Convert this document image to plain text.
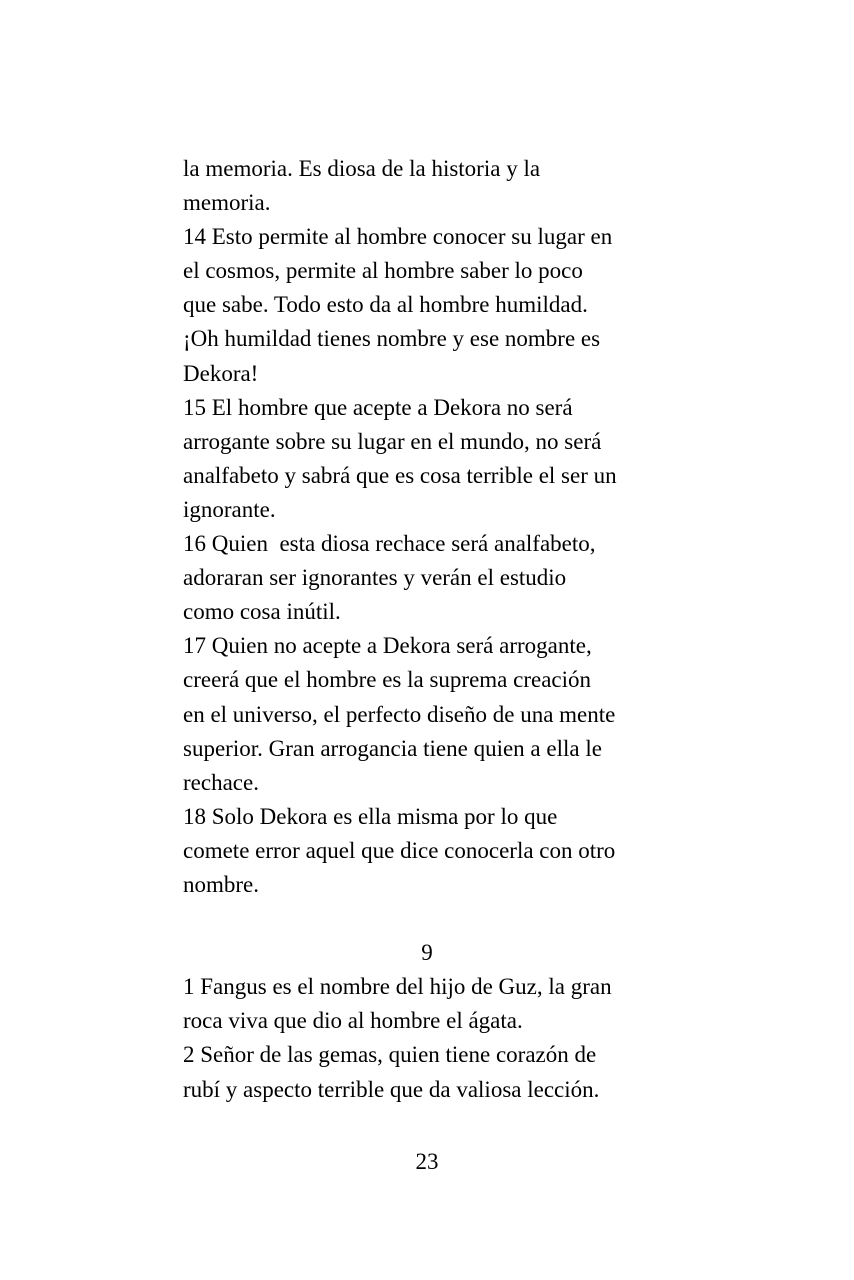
la memoria. Es diosa de la historia y la
memoria.
14 Esto permite al hombre conocer su lugar en
el cosmos, permite al hombre saber lo poco
que sabe. Todo esto da al hombre humildad.
¡Oh humildad tienes nombre y ese nombre es
Dekora!
15 El hombre que acepte a Dekora no será
arrogante sobre su lugar en el mundo, no será
analfabeto y sabrá que es cosa terrible el ser un
ignorante.
16 Quien  esta diosa rechace será analfabeto,
adoraran ser ignorantes y verán el estudio
como cosa inútil.
17 Quien no acepte a Dekora será arrogante,
creerá que el hombre es la suprema creación
en el universo, el perfecto diseño de una mente
superior. Gran arrogancia tiene quien a ella le
rechace.
18 Solo Dekora es ella misma por lo que
comete error aquel que dice conocerla con otro
nombre.
9
1 Fangus es el nombre del hijo de Guz, la gran
roca viva que dio al hombre el ágata.
2 Señor de las gemas, quien tiene corazón de
rubí y aspecto terrible que da valiosa lección.
23
